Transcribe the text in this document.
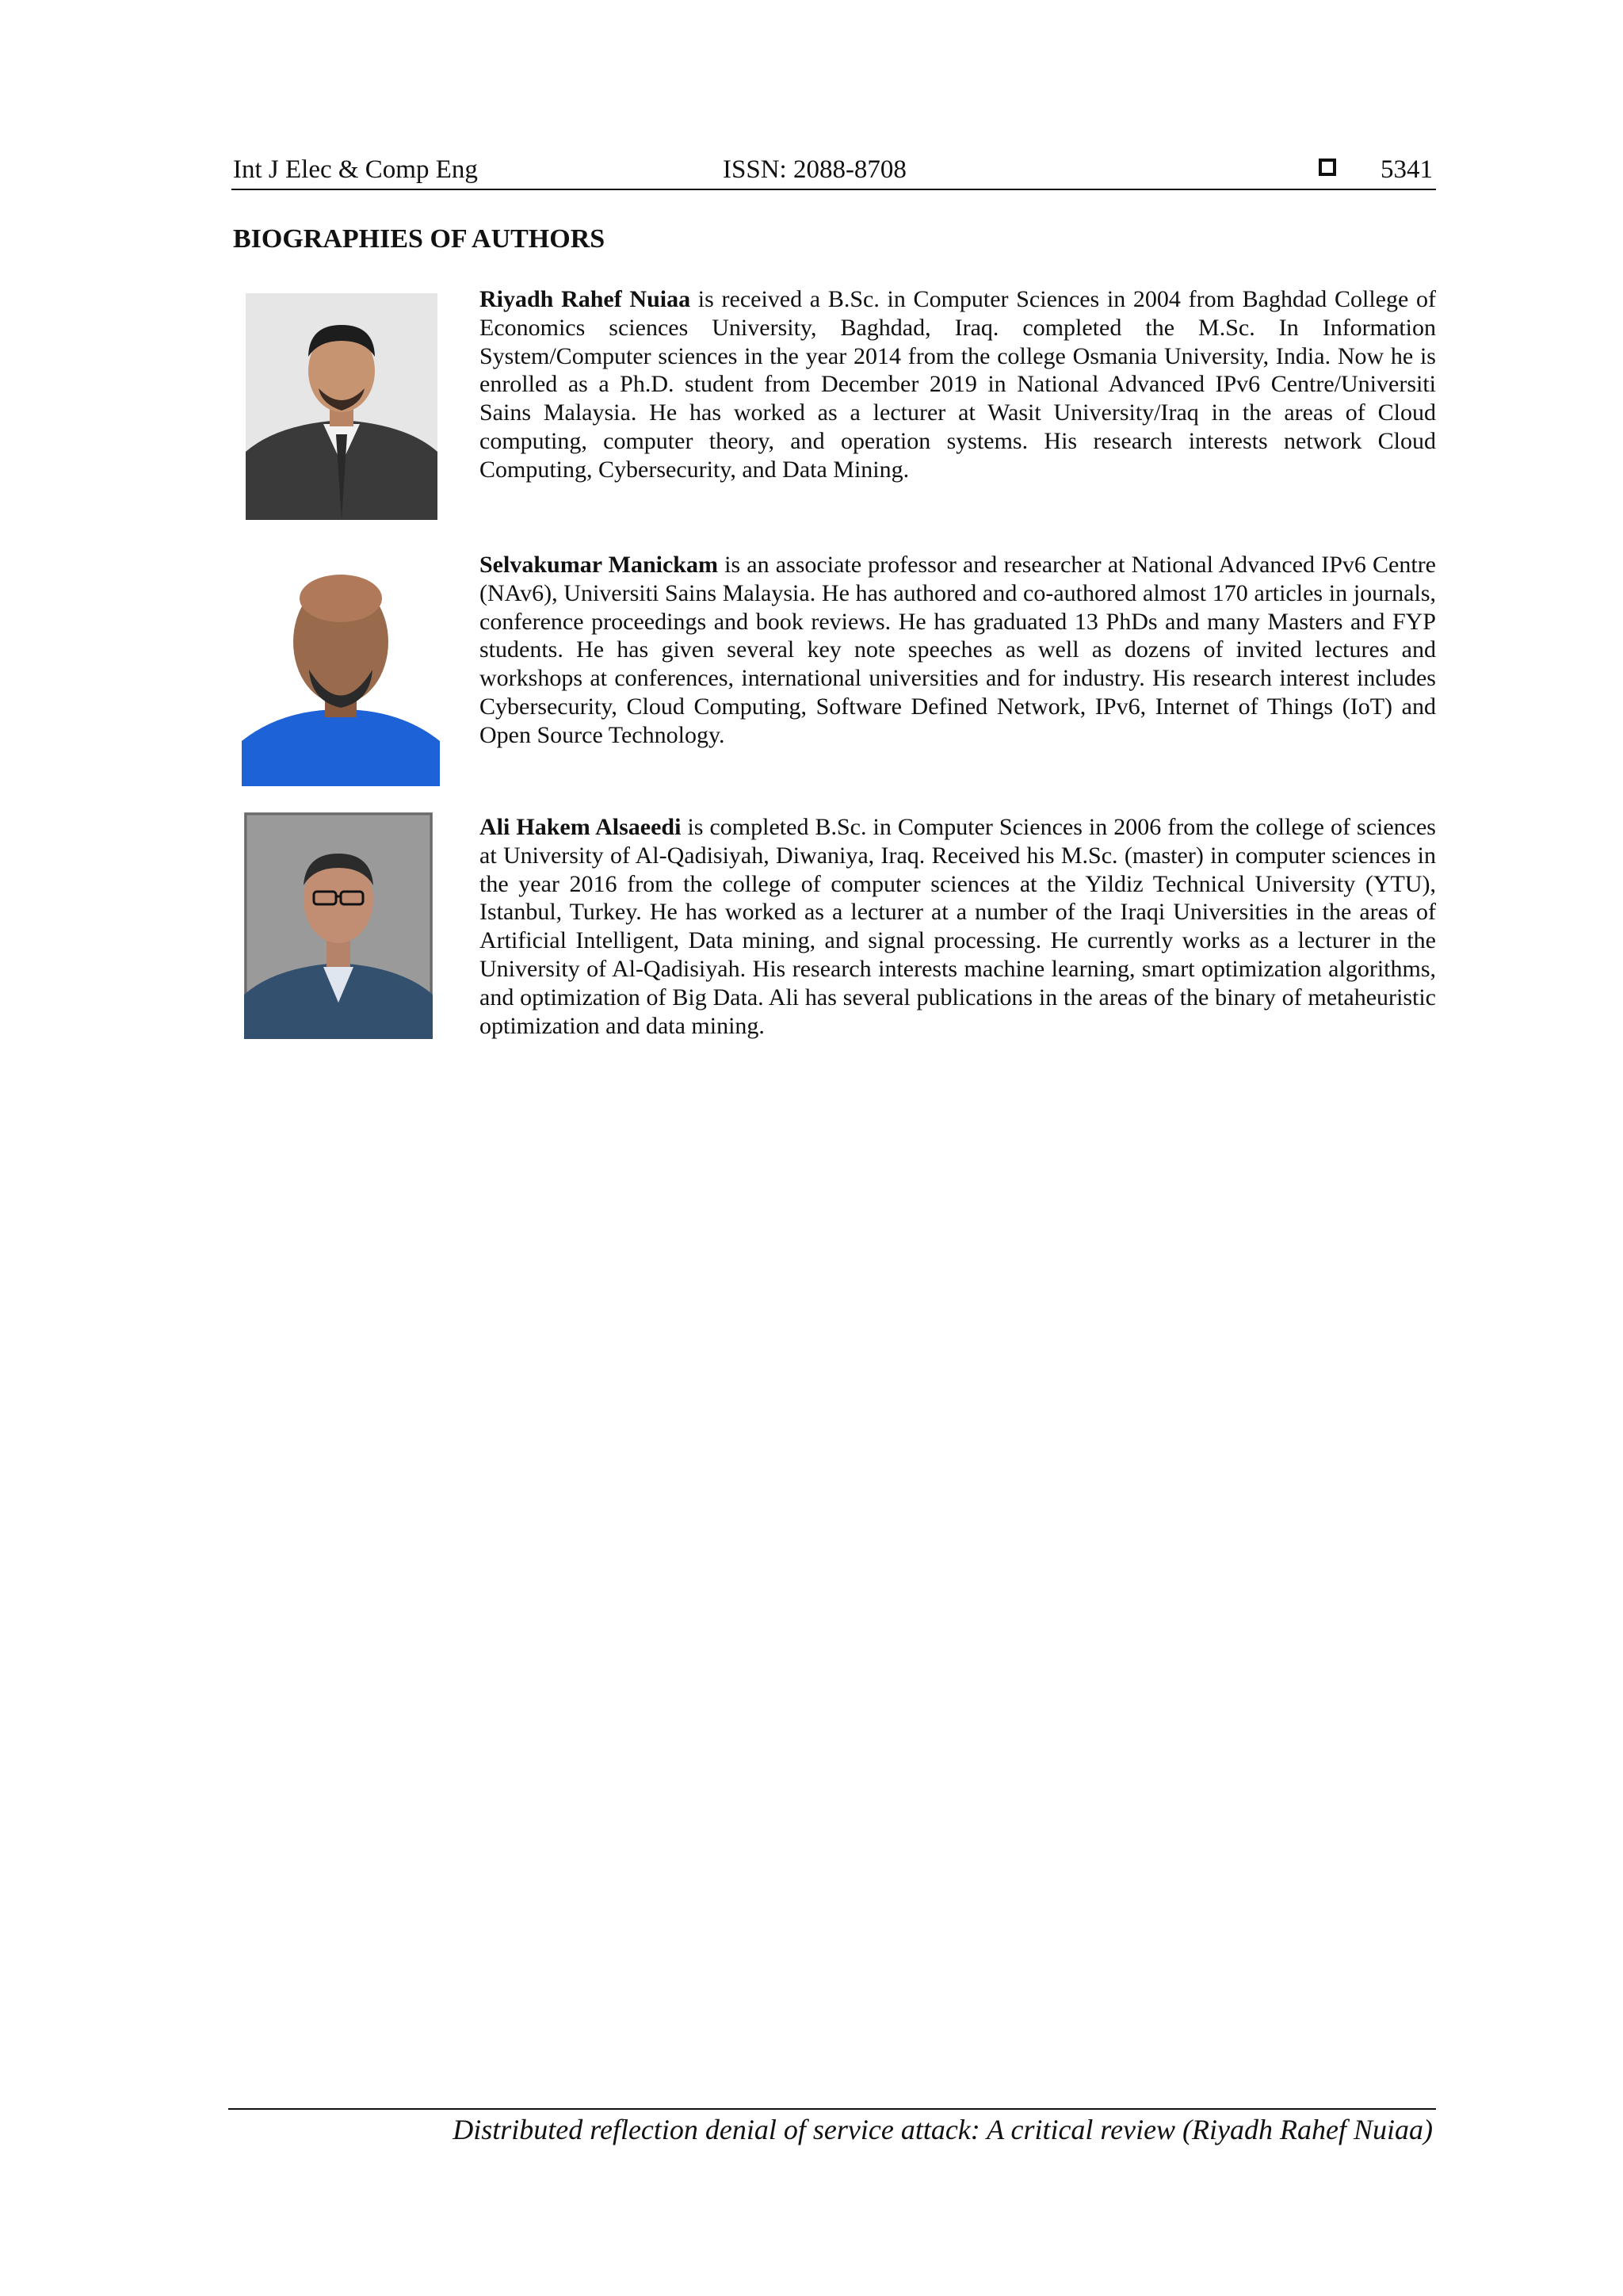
Int J Elec & Comp Eng	ISSN: 2088-8708	5341
BIOGRAPHIES OF AUTHORS
Riyadh Rahef Nuiaa is received a B.Sc. in Computer Sciences in 2004 from Baghdad College of Economics sciences University, Baghdad, Iraq. completed the M.Sc. In Information System/Computer sciences in the year 2014 from the college Osmania University, India. Now he is enrolled as a Ph.D. student from December 2019 in National Advanced IPv6 Centre/Universiti Sains Malaysia. He has worked as a lecturer at Wasit University/Iraq in the areas of Cloud computing, computer theory, and operation systems. His research interests network Cloud Computing, Cybersecurity, and Data Mining.
Selvakumar Manickam is an associate professor and researcher at National Advanced IPv6 Centre (NAv6), Universiti Sains Malaysia. He has authored and co-authored almost 170 articles in journals, conference proceedings and book reviews. He has graduated 13 PhDs and many Masters and FYP students. He has given several key note speeches as well as dozens of invited lectures and workshops at conferences, international universities and for industry. His research interest includes Cybersecurity, Cloud Computing, Software Defined Network, IPv6, Internet of Things (IoT) and Open Source Technology.
Ali Hakem Alsaeedi is completed B.Sc. in Computer Sciences in 2006 from the college of sciences at University of Al-Qadisiyah, Diwaniya, Iraq. Received his M.Sc. (master) in computer sciences in the year 2016 from the college of computer sciences at the Yildiz Technical University (YTU), Istanbul, Turkey. He has worked as a lecturer at a number of the Iraqi Universities in the areas of Artificial Intelligent, Data mining, and signal processing. He currently works as a lecturer in the University of Al-Qadisiyah. His research interests machine learning, smart optimization algorithms, and optimization of Big Data. Ali has several publications in the areas of the binary of metaheuristic optimization and data mining.
Distributed reflection denial of service attack: A critical review (Riyadh Rahef Nuiaa)
